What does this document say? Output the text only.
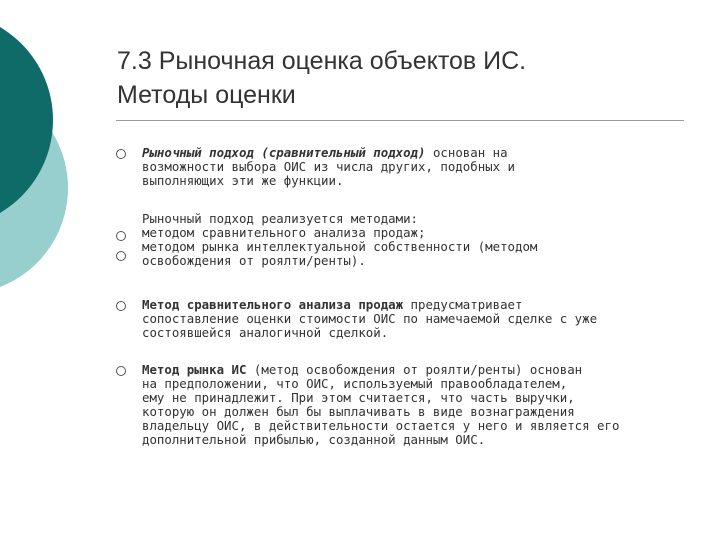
7.3 Рыночная оценка объектов ИС.
Методы оценки
Рыночный подход (сравнительный подход) основан на
возможности выбора ОИС из числа других, подобных и
выполняющих эти же функции.
Рыночный подход реализуется методами:
методом сравнительного анализа продаж;
методом рынка интеллектуальной собственности (методом
освобождения от роялти/ренты).
Метод сравнительного анализа продаж предусматривает
сопоставление оценки стоимости ОИС по намечаемой сделке с уже
состоявшейся аналогичной сделкой.
Метод рынка ИС (метод освобождения от роялти/ренты) основан
на предположении, что ОИС, используемый правообладателем,
ему не принадлежит. При этом считается, что часть выручки,
которую он должен был бы выплачивать в виде вознаграждения
владельцу ОИС, в действительности остается у него и является его
дополнительной прибылью, созданной данным ОИС.
